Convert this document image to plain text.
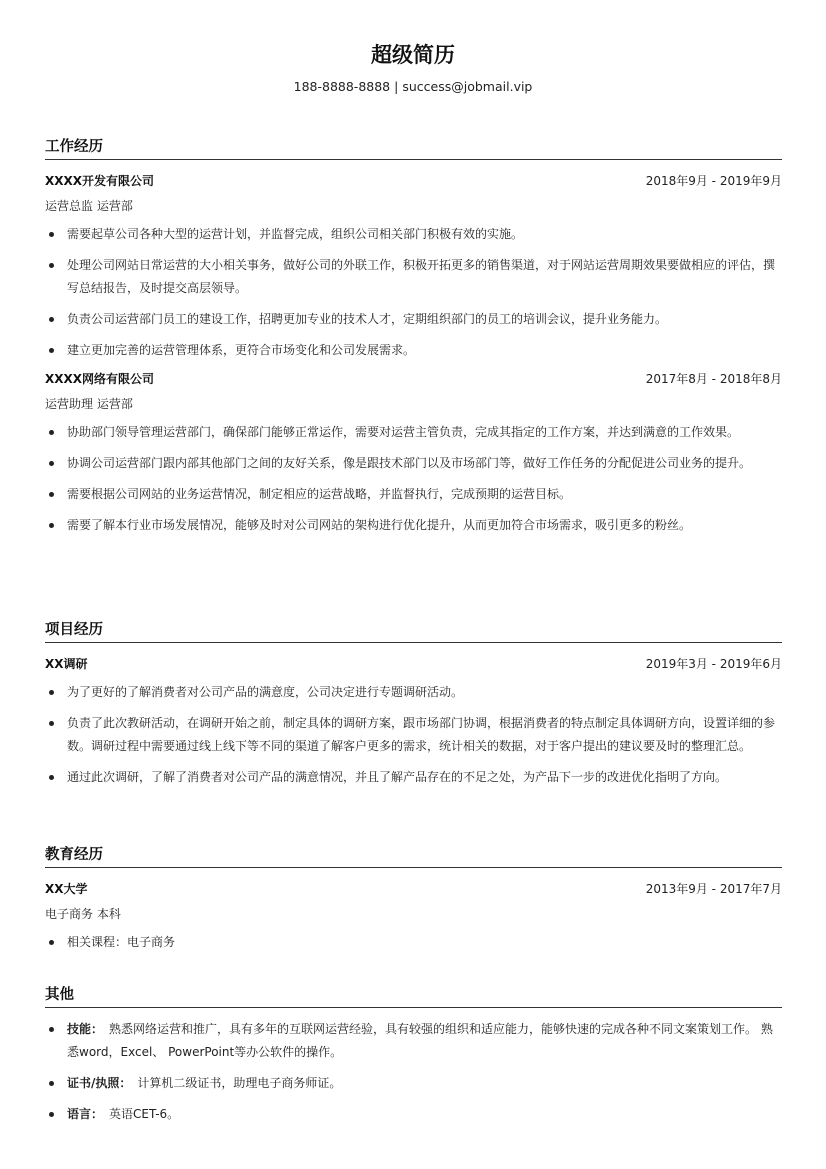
超级简历
188-8888-8888 | success@jobmail.vip
工作经历
XXXX开发有限公司	2018年9月 - 2019年9月
运营总监 运营部
需要起草公司各种大型的运营计划，并监督完成，组织公司相关部门积极有效的实施。
处理公司网站日常运营的大小相关事务，做好公司的外联工作，积极开拓更多的销售渠道，对于网站运营周期效果要做相应的评估，撰写总结报告，及时提交高层领导。
负责公司运营部门员工的建设工作，招聘更加专业的技术人才，定期组织部门的员工的培训会议，提升业务能力。
建立更加完善的运营管理体系，更符合市场变化和公司发展需求。
XXXX网络有限公司	2017年8月 - 2018年8月
运营助理 运营部
协助部门领导管理运营部门，确保部门能够正常运作，需要对运营主管负责，完成其指定的工作方案，并达到满意的工作效果。
协调公司运营部门跟内部其他部门之间的友好关系，像是跟技术部门以及市场部门等，做好工作任务的分配促进公司业务的提升。
需要根据公司网站的业务运营情况，制定相应的运营战略，并监督执行，完成预期的运营目标。
需要了解本行业市场发展情况，能够及时对公司网站的架构进行优化提升，从而更加符合市场需求，吸引更多的粉丝。
项目经历
XX调研	2019年3月 - 2019年6月
为了更好的了解消费者对公司产品的满意度，公司决定进行专题调研活动。
负责了此次教研活动，在调研开始之前，制定具体的调研方案，跟市场部门协调，根据消费者的特点制定具体调研方向，设置详细的参数。调研过程中需要通过线上线下等不同的渠道了解客户更多的需求，统计相关的数据，对于客户提出的建议要及时的整理汇总。
通过此次调研，了解了消费者对公司产品的满意情况，并且了解产品存在的不足之处，为产品下一步的改进优化指明了方向。
教育经历
XX大学	2013年9月 - 2017年7月
电子商务 本科
相关课程：电子商务
其他
技能： 熟悉网络运营和推广，具有多年的互联网运营经验，具有较强的组织和适应能力，能够快速的完成各种不同文案策划工作。 熟悉word，Excel、 PowerPoint等办公软件的操作。
证书/执照： 计算机二级证书，助理电子商务师证。
语言： 英语CET-6。
